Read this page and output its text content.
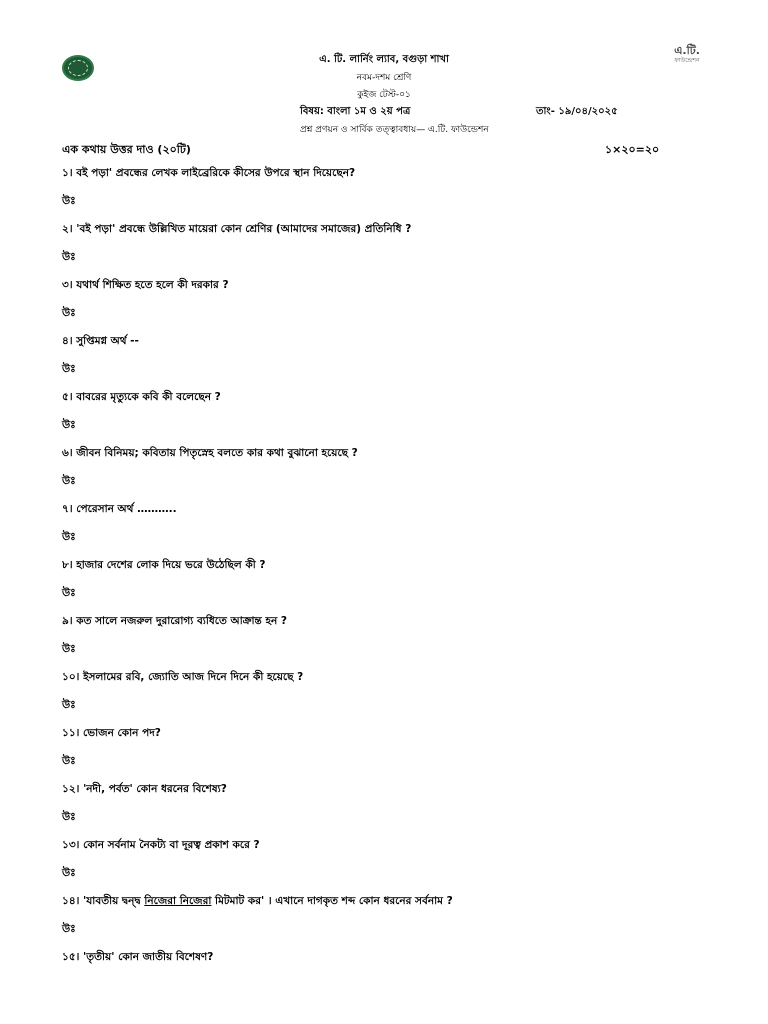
এ.টি.
ফাউন্ডেশন
এ. টি. লার্নিং ল্যাব, বগুড়া শাখা
নবম-দশম শ্রেণি
কুইজ টেস্ট-০১
বিষয়: বাংলা ১ম ও ২য় পত্র	তাং- ১৯/০৪/২০২৫
প্রশ্ন প্রণয়ন ও সার্বিক তত্ত্বাবধায়— এ.টি. ফাউন্ডেশন
এক কথায় উত্তর দাও (২০টি)	১×২০=২০
১। বই পড়া' প্রবন্ধের লেখক লাইব্রেরিকে কীসের উপরে স্থান দিয়েছেন?
উঃ
২। 'বই পড়া' প্রবন্ধে উল্লিখিত মায়েরা কোন শ্রেণির (আমাদের সমাজের) প্রতিনিধি ?
উঃ
৩। যথার্থ শিক্ষিত হতে হলে কী দরকার ?
উঃ
৪। সুপ্তিমগ্ন অর্থ --
উঃ
৫। বাবরের মৃত্যুকে কবি কী বলেছেন ?
উঃ
৬। জীবন বিনিময়; কবিতায় পিতৃস্নেহ বলতে কার কথা বুঝানো হয়েছে ?
উঃ
৭। পেরেসান অর্থ ………..
উঃ
৮। হাজার দেশের লোক দিয়ে ভরে উঠেছিল কী ?
উঃ
৯। কত সালে নজরুল দুরারোগ্য ব্যধিতে আক্রান্ত হন ?
উঃ
১০। ইসলামের রবি, জ্যোতি আজ দিনে দিনে কী হয়েছে ?
উঃ
১১। ভোজন কোন পদ?
উঃ
১২। 'নদী, পর্বত' কোন ধরনের বিশেষ্য?
উঃ
১৩। কোন সর্বনাম নৈকট্য বা দূরত্ব প্রকাশ করে ?
উঃ
১৪। 'যাবতীয় দ্বন্দ্ব নিজেরা নিজেরা মিটমাট কর' । এখানে দাগকৃত শব্দ কোন ধরনের সর্বনাম ?
উঃ
১৫। 'তৃতীয়' কোন জাতীয় বিশেষণ?
